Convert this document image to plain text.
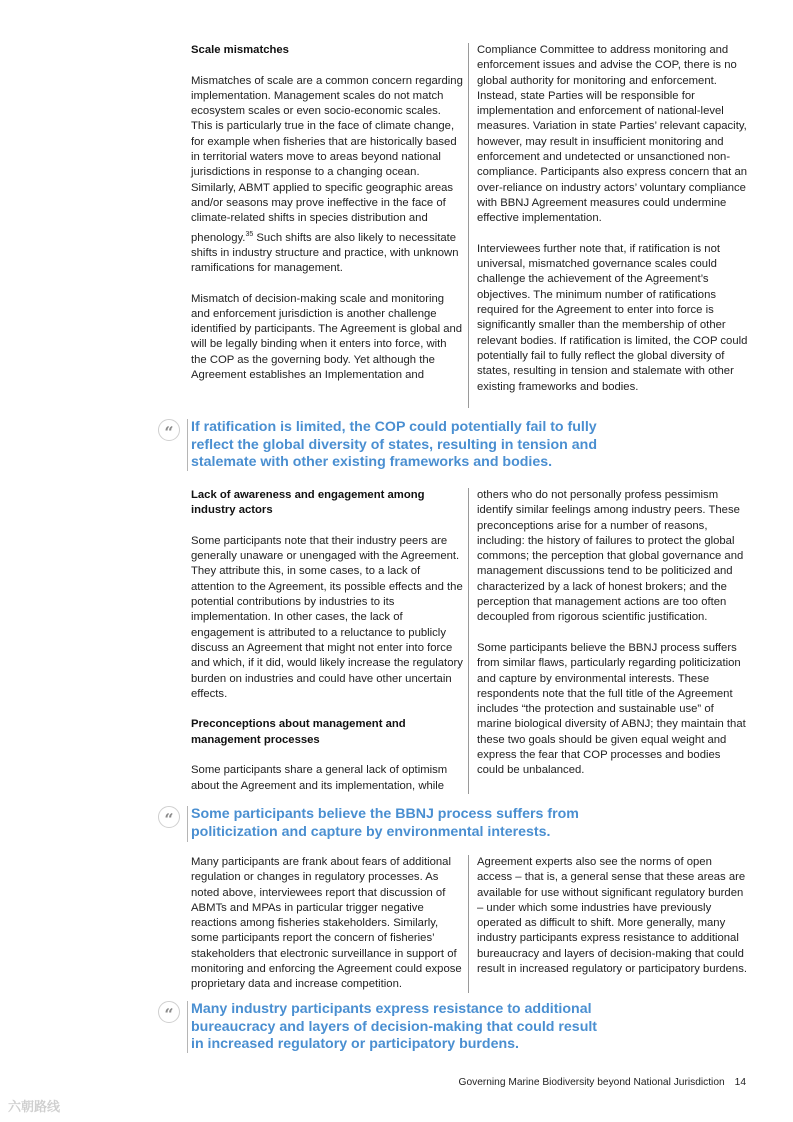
Scale mismatches

Mismatches of scale are a common concern regarding implementation. Management scales do not match ecosystem scales or even socio-economic scales. This is particularly true in the face of climate change, for example when fisheries that are historically based in territorial waters move to areas beyond national jurisdictions in response to a changing ocean. Similarly, ABMT applied to specific geographic areas and/or seasons may prove ineffective in the face of climate-related shifts in species distribution and phenology.$^{35}$ Such shifts are also likely to necessitate shifts in industry structure and practice, with unknown ramifications for management.

Mismatch of decision-making scale and monitoring and enforcement jurisdiction is another challenge identified by participants. The Agreement is global and will be legally binding when it enters into force, with the COP as the governing body. Yet although the Agreement establishes an Implementation and

Compliance Committee to address monitoring and enforcement issues and advise the COP, there is no global authority for monitoring and enforcement. Instead, state Parties will be responsible for implementation and enforcement of national-level measures. Variation in state Parties’ relevant capacity, however, may result in insufficient monitoring and enforcement and undetected or unsanctioned non-compliance. Participants also express concern that an over-reliance on industry actors’ voluntary compliance with BBNJ Agreement measures could undermine effective implementation.

Interviewees further note that, if ratification is not universal, mismatched governance scales could challenge the achievement of the Agreement’s objectives. The minimum number of ratifications required for the Agreement to enter into force is significantly smaller than the membership of other relevant bodies. If ratification is limited, the COP could potentially fail to fully reflect the global diversity of states, resulting in tension and stalemate with other existing frameworks and bodies.

“	If ratification is limited, the COP could potentially fail to fully reflect the global diversity of states, resulting in tension and stalemate with other existing frameworks and bodies.
Lack of awareness and engagement among industry actors

Some participants note that their industry peers are generally unaware or unengaged with the Agreement. They attribute this, in some cases, to a lack of attention to the Agreement, its possible effects and the potential contributions by industries to its implementation. In other cases, the lack of engagement is attributed to a reluctance to publicly discuss an Agreement that might not enter into force and which, if it did, would likely increase the regulatory burden on industries and could have other uncertain effects.

Preconceptions about management and management processes

Some participants share a general lack of optimism about the Agreement and its implementation, while

others who do not personally profess pessimism identify similar feelings among industry peers. These preconceptions arise for a number of reasons, including: the history of failures to protect the global commons; the perception that global governance and management discussions tend to be politicized and characterized by a lack of honest brokers; and the perception that management actions are too often decoupled from rigorous scientific justification.

Some participants believe the BBNJ process suffers from similar flaws, particularly regarding politicization and capture by environmental interests. These respondents note that the full title of the Agreement includes “the protection and sustainable use” of marine biological diversity of ABNJ; they maintain that these two goals should be given equal weight and express the fear that COP processes and bodies could be unbalanced.

“	Some participants believe the BBNJ process suffers from politicization and capture by environmental interests.

Many participants are frank about fears of additional regulation or changes in regulatory processes. As noted above, interviewees report that discussion of ABMTs and MPAs in particular trigger negative reactions among fisheries stakeholders. Similarly, some participants report the concern of fisheries’ stakeholders that electronic surveillance in support of monitoring and enforcing the Agreement could expose proprietary data and increase competition.

Agreement experts also see the norms of open access – that is, a general sense that these areas are available for use without significant regulatory burden – under which some industries have previously operated as difficult to shift. More generally, many industry participants express resistance to additional bureaucracy and layers of decision-making that could result in increased regulatory or participatory burdens.

“	Many industry participants express resistance to additional bureaucracy and layers of decision-making that could result in increased regulatory or participatory burdens.
Governing Marine Biodiversity beyond National Jurisdiction 14
六朝路线
